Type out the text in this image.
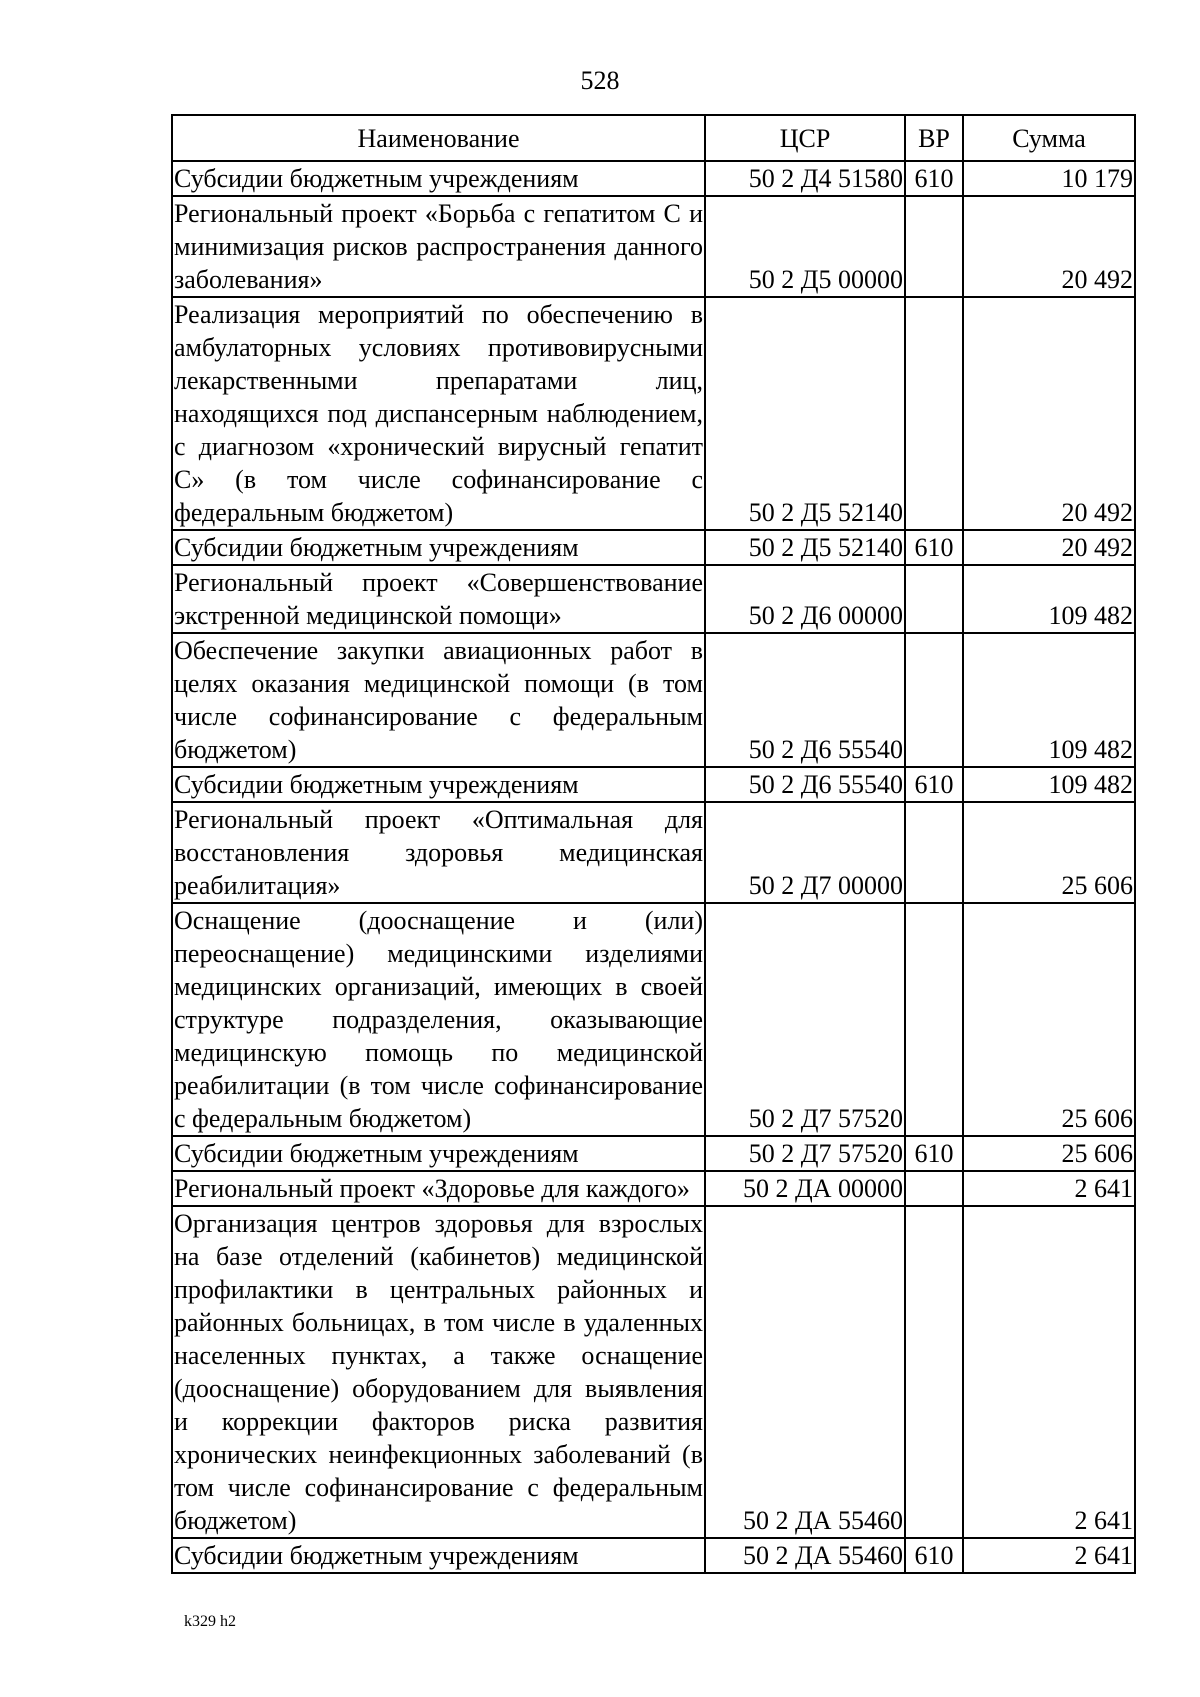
528
Наименование	ЦСР	ВР	Сумма
Субсидии бюджетным учреждениям	50 2 Д4 51580	610	10 179
Региональный проект «Борьба с гепатитом С и минимизация рисков распространения данного заболевания»	50 2 Д5 00000		20 492
Реализация мероприятий по обеспечению в амбулаторных условиях противовирусными лекарственными препаратами лиц, находящихся под диспансерным наблюдением, с диагнозом «хронический вирусный гепатит С» (в том числе софинансирование с федеральным бюджетом)	50 2 Д5 52140		20 492
Субсидии бюджетным учреждениям	50 2 Д5 52140	610	20 492
Региональный проект «Совершенствование экстренной медицинской помощи»	50 2 Д6 00000		109 482
Обеспечение закупки авиационных работ в целях оказания медицинской помощи (в том числе софинансирование с федеральным бюджетом)	50 2 Д6 55540		109 482
Субсидии бюджетным учреждениям	50 2 Д6 55540	610	109 482
Региональный проект «Оптимальная для восстановления здоровья медицинская реабилитация»	50 2 Д7 00000		25 606
Оснащение (дооснащение и (или) переоснащение) медицинскими изделиями медицинских организаций, имеющих в своей структуре подразделения, оказывающие медицинскую помощь по медицинской реабилитации (в том числе софинансирование с федеральным бюджетом)	50 2 Д7 57520		25 606
Субсидии бюджетным учреждениям	50 2 Д7 57520	610	25 606
Региональный проект «Здоровье для каждого»	50 2 ДА 00000		2 641
Организация центров здоровья для взрослых на базе отделений (кабинетов) медицинской профилактики в центральных районных и районных больницах, в том числе в удаленных населенных пунктах, а также оснащение (дооснащение) оборудованием для выявления и коррекции факторов риска развития хронических неинфекционных заболеваний (в том числе софинансирование с федеральным бюджетом)	50 2 ДА 55460		2 641
Субсидии бюджетным учреждениям	50 2 ДА 55460	610	2 641
k329 h2
